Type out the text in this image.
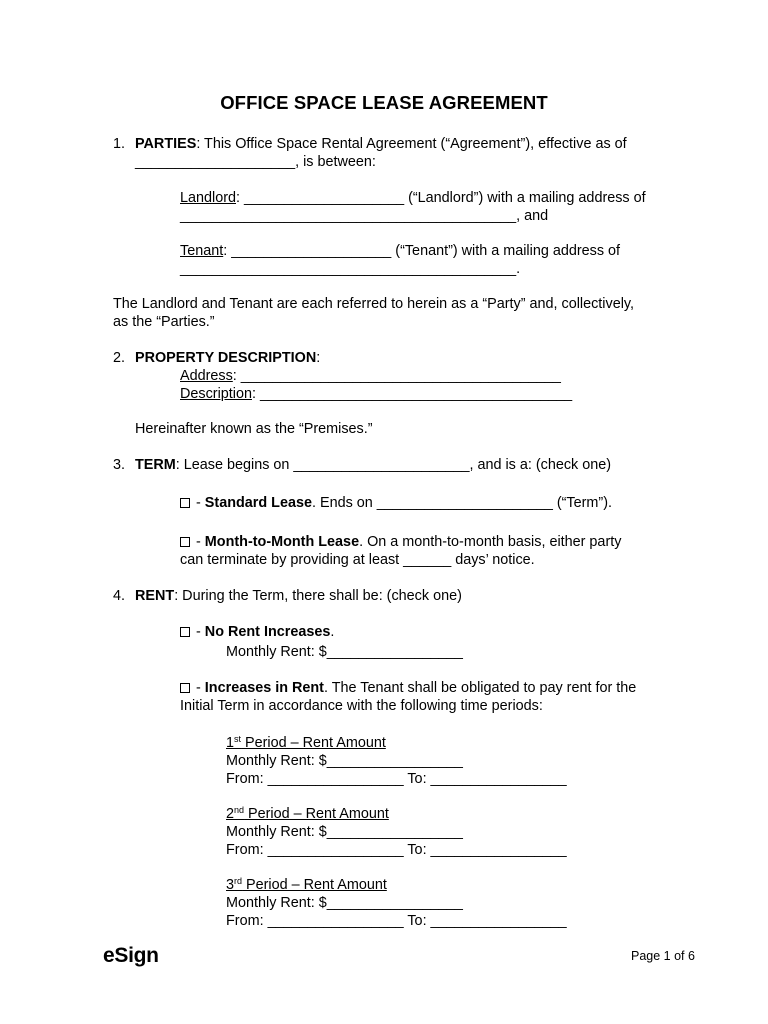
OFFICE SPACE LEASE AGREEMENT
1. PARTIES: This Office Space Rental Agreement (“Agreement”), effective as of
____________________, is between:
Landlord: ____________________ (“Landlord”) with a mailing address of
__________________________________________, and
Tenant: ____________________ (“Tenant”) with a mailing address of
__________________________________________.
The Landlord and Tenant are each referred to herein as a “Party” and, collectively,
as the “Parties.”
2. PROPERTY DESCRIPTION:
Address: ________________________________________
Description: _______________________________________
Hereinafter known as the “Premises.”
3. TERM: Lease begins on ______________________, and is a: (check one)
- Standard Lease. Ends on ______________________ (“Term”).
- Month-to-Month Lease. On a month-to-month basis, either party
can terminate by providing at least ______ days’ notice.
4. RENT: During the Term, there shall be: (check one)
- No Rent Increases.
Monthly Rent: $_________________
- Increases in Rent. The Tenant shall be obligated to pay rent for the
Initial Term in accordance with the following time periods:
1st Period – Rent Amount
Monthly Rent: $_________________
From: _________________ To: _________________
2nd Period – Rent Amount
Monthly Rent: $_________________
From: _________________ To: _________________
3rd Period – Rent Amount
Monthly Rent: $_________________
From: _________________ To: _________________
eSign	Page 1 of 6
